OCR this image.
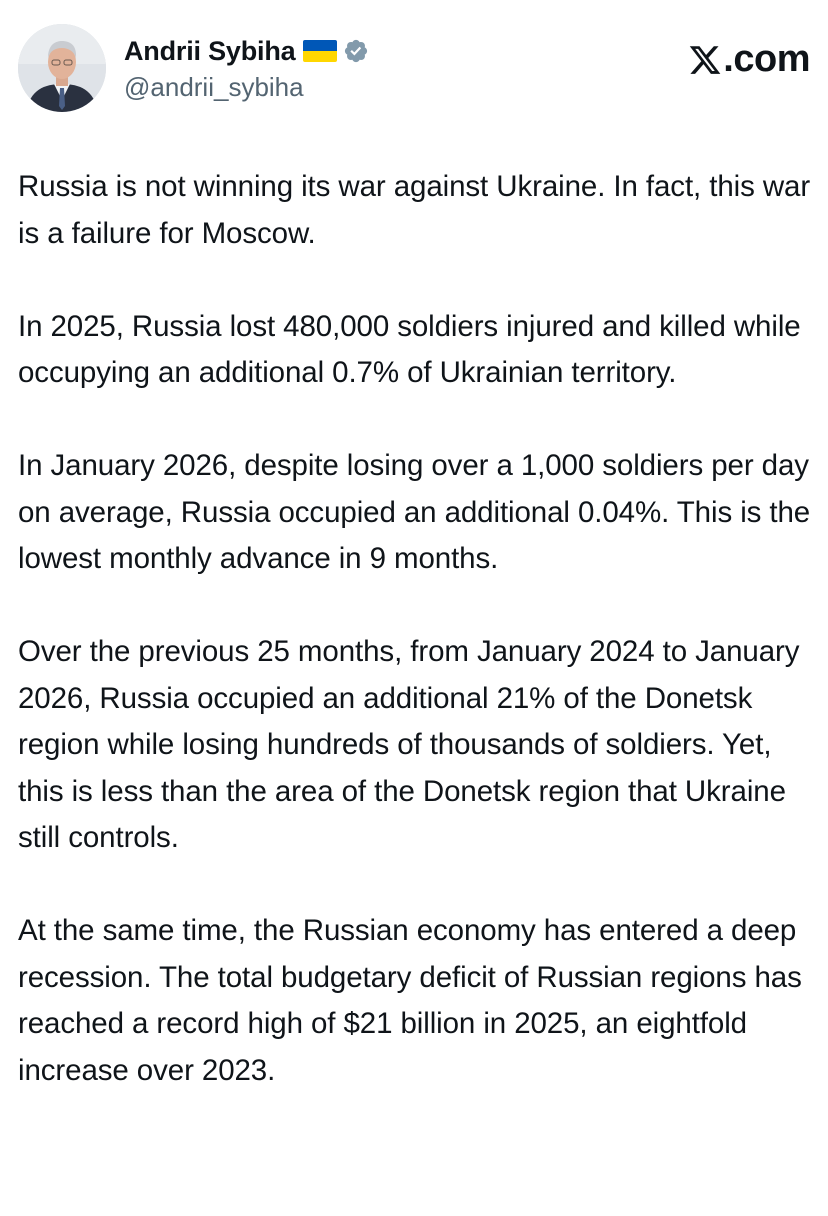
Andrii Sybiha
@andrii_sybiha
.com

Russia is not winning its war against Ukraine. In fact, this war is a failure for Moscow.

In 2025, Russia lost 480,000 soldiers injured and killed while occupying an additional 0.7% of Ukrainian territory.

In January 2026, despite losing over a 1,000 soldiers per day on average, Russia occupied an additional 0.04%. This is the lowest monthly advance in 9 months.

Over the previous 25 months, from January 2024 to January 2026, Russia occupied an additional 21% of the Donetsk region while losing hundreds of thousands of soldiers. Yet, this is less than the area of the Donetsk region that Ukraine still controls.

At the same time, the Russian economy has entered a deep recession. The total budgetary deficit of Russian regions has reached a record high of $21 billion in 2025, an eightfold increase over 2023.
